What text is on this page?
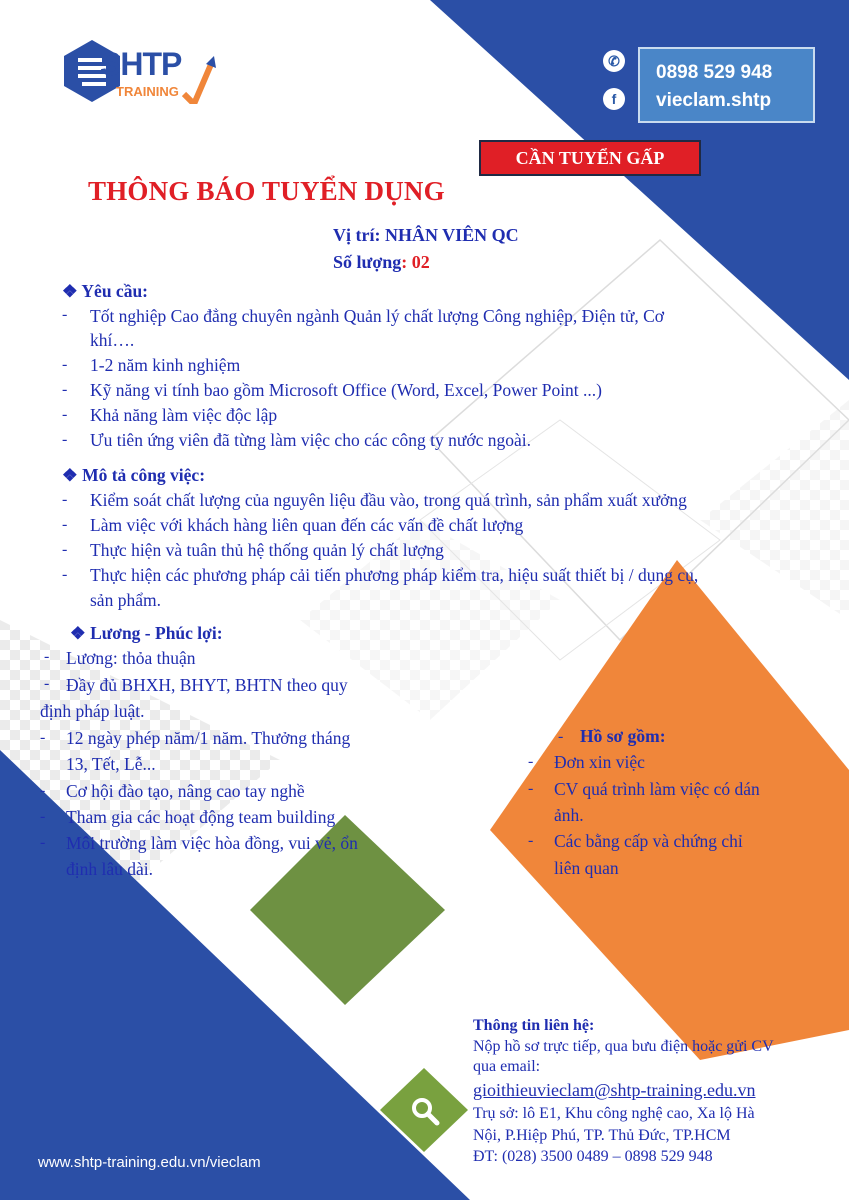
SHTP
TRAINING
✆
f
0898 529 948
vieclam.shtp
CẦN TUYỂN GẤP
THÔNG BÁO TUYỂN DỤNG
Vị trí: NHÂN VIÊN QC
Số lượng: 02
❖ Yêu cầu:
- Tốt nghiệp Cao đẳng chuyên ngành Quản lý chất lượng Công nghiệp, Điện tử, Cơ
khí….
- 1-2 năm kinh nghiệm
- Kỹ năng vi tính bao gồm Microsoft Office (Word, Excel, Power Point ...)
- Khả năng làm việc độc lập
- Ưu tiên ứng viên đã từng làm việc cho các công ty nước ngoài.
❖ Mô tả công việc:
- Kiểm soát chất lượng của nguyên liệu đầu vào, trong quá trình, sản phẩm xuất xưởng
- Làm việc với khách hàng liên quan đến các vấn đề chất lượng
- Thực hiện và tuân thủ hệ thống quản lý chất lượng
- Thực hiện các phương pháp cải tiến phương pháp kiểm tra, hiệu suất thiết bị / dụng cụ,
sản phẩm.
❖ Lương - Phúc lợi:
- Lương: thỏa thuận
- Đầy đủ BHXH, BHYT, BHTN theo quy
định pháp luật.
- 12 ngày phép năm/1 năm. Thưởng tháng
13, Tết, Lễ...
- Cơ hội đào tạo, nâng cao tay nghề
- Tham gia các hoạt động team building
- Môi trường làm việc hòa đồng, vui vẻ, ổn
định lâu dài.
- Hồ sơ gồm:
- Đơn xin việc
- CV quá trình làm việc có dán
ảnh.
- Các bằng cấp và chứng chỉ
liên quan
Thông tin liên hệ:
Nộp hồ sơ trực tiếp, qua bưu điện hoặc gửi CV
qua email:
gioithieuvieclam@shtp-training.edu.vn
Trụ sở: lô E1, Khu công nghệ cao, Xa lộ Hà
Nội, P.Hiệp Phú, TP. Thủ Đức, TP.HCM
ĐT: (028) 3500 0489 – 0898 529 948
www.shtp-training.edu.vn/vieclam
